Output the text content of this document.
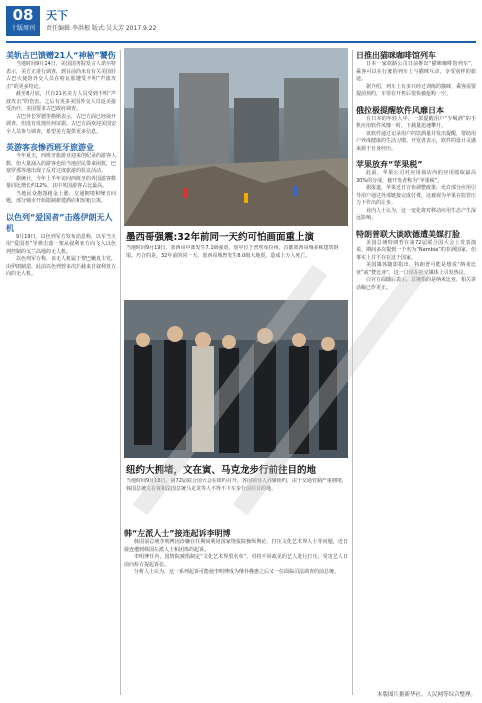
08
十版周刊
天下
责任编辑:李洪根 版式:吴大芳 2017.9.22
美轨古巴馈赠21人“神秘”饕伤
当地时间9月14日，美国国务院发言人诺尔特表示，美方正进行调查，到目前尚未有有关美国驻古巴大使馆外交人员在哈瓦那遭受不明“声波攻击”的更多结论。
截至8月底，共有21名美方人员受到不明“声波攻击”的伤害。之后有更多美国外交人员返美接受治疗，美国要求古巴政府调查。
古巴外长罗德里格斯表示，古巴方面已经展开调查，但没有发现任何证据。古巴方面欢迎美国安全人员参与调查，希望美方提供更多信息。
英游客丧惨西班牙旅游业
今年夏天，西班牙旅游业迎来创纪录的游客人数，但大量涌入的游客也给当地居民带来困扰，巴塞罗那等地出现了反对过度旅游的抗议活动。
据统计，今年上半年访问西班牙的外国游客数量同比增长约12%，其中英国游客占比最高。
当地民众抱怨租金上涨、交通拥堵和噪音问题，部分城市开始限制新建酒店和短租公寓。
以色列“爱国者”击落伊朗无人机
9月19日，以色列军方发布消息称，以军当天用“爱国者”导弹击落一架从叙利亚方向飞入以色列控制的戈兰高地的无人机。
以色列军方称，该无人机属于黎巴嫩真主党，由伊朗制造。此前以色列曾多次拦截来自叙利亚方向的无人机。
墨西哥强震:32年前同一天约可怕画面重上演
当地时间9月19日，墨西哥中部发生7.1级强震，震中位于普埃布拉州，首都墨西哥城多栋建筑倒塌。巧合的是，32年前的同一天，墨西哥城曾发生8.0级大地震，造成上万人死亡。
纽约大拥堵，文在寅、马克龙步行前往目的地
当地时间9月18日，第72届联合国大会在纽约召开，各国领导人齐聚纽约，由于交通管制严重拥堵，韩国总统文在寅和法国总统马克龙等人不得不下车步行前往目的地。
韩“左派人士”接连起诉李明博
韩国前总统李明博因涉嫌在任期间利用国家情报院操纵舆论、打压文化艺术界人士等问题，近日接连遭到韩国左派人士和团体的起诉。
李明博任内，国情院被指制定“文化艺术界黑名单”，对持不同政见的艺人进行打压，受害艺人日前向检方提起诉讼。
分析人士认为，这一系列起诉可能使李明博成为继朴槿惠之后又一位面临司法调查的前总统。
日推出猫咪咖啡馆列车
日本一家铁路公司日前推出“猫咪咖啡馆列车”，乘客可以在行驶的列车上与猫咪互动，享受别样的旅途。
据介绍，列车上有多只经过训练的猫咪，乘客需要提前预约，车票在开售后很快被抢购一空。
俄拉极提醒软件风靡日本
在日本的年轻人中，一款提醒用户“少喝酒”的手机应用软件风靡一时，下载量迅速攀升。
该软件通过记录用户的饮酒量并发出提醒，帮助用户养成健康的生活习惯。开发者表示，软件的设计灵感来源于自身经历。
苹果放弃“苹果税”
此前，苹果公司对应用商店内的应用收取最高30%的分成，被开发者称为“苹果税”。
据报道，苹果近日宣布调整政策，允许部分应用引导用户通过外部链接完成付费，这被视为苹果在监管压力下作出的让步。
业内人士认为，这一变化将对移动应用生态产生深远影响。
特朗普联大谈欧德遭美媒打脸
美国总统特朗普在第72届联合国大会上发表演说，期间多次提到一个名为“Nambia”的非洲国家，但事实上并不存在这个国家。
美国媒体随即指出，特朗普可能是想说“纳米比亚”或“赞比亚”，这一口误在社交媒体上引发热议。
白宫方面随后表示，总统指的是纳米比亚，相关讲话稿已作更正。
本版图片据新华社、人民网等综合整理。
